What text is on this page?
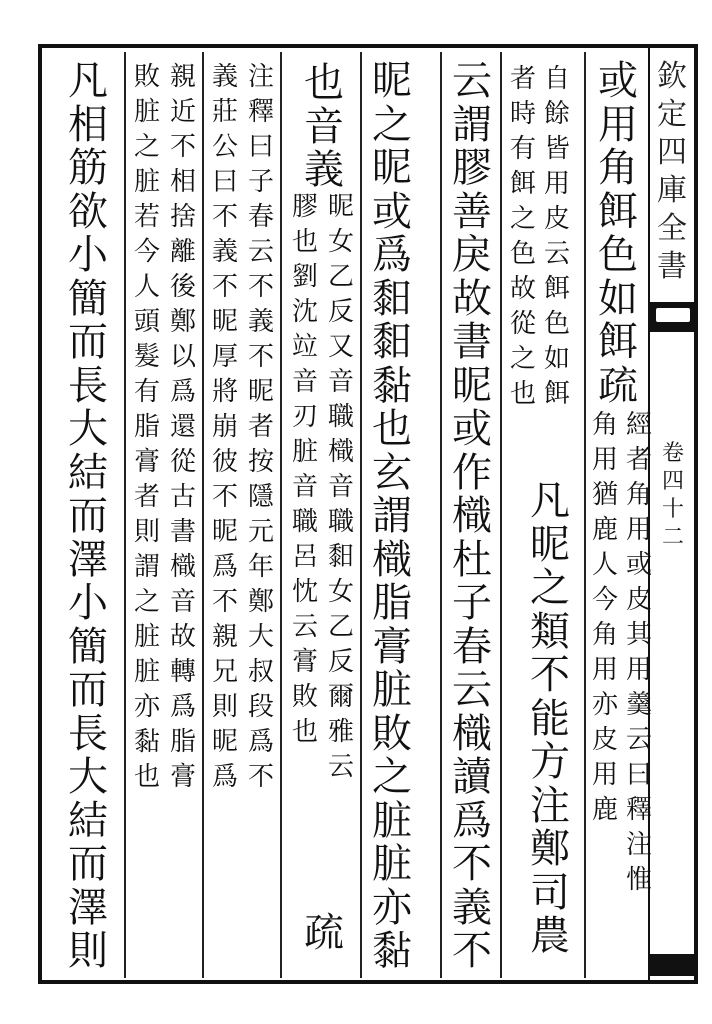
欽定四庫全書
卷四十二
或用角餌色如餌疏
經者角用或皮其用羹云曰釋注惟
角用猶鹿人今角用亦皮用鹿
凡昵之類不能方注鄭司農
自餘皆用皮云餌色如餌
者時有餌之色故從之也
云謂膠善戾故書昵或作樴杜子春云樴讀爲不義不
昵之昵或爲䵒䵒黏也玄謂樴脂膏脏敗之脏脏亦黏
也音義
疏
昵女乙反又音職樴音職䵒女乙反爾雅云
膠也劉沈竝音刃脏音職呂忱云膏敗也
注釋曰子春云不義不昵者按隱元年鄭大叔段爲不
義莊公曰不義不昵厚將崩彼不昵爲不親兄則昵爲
親近不相捨離後鄭以爲還從古書樴音故轉爲脂膏
敗脏之脏若今人頭髮有脂膏者則謂之脏脏亦黏也
凡相筋欲小簡而長大結而澤小簡而長大結而澤則
